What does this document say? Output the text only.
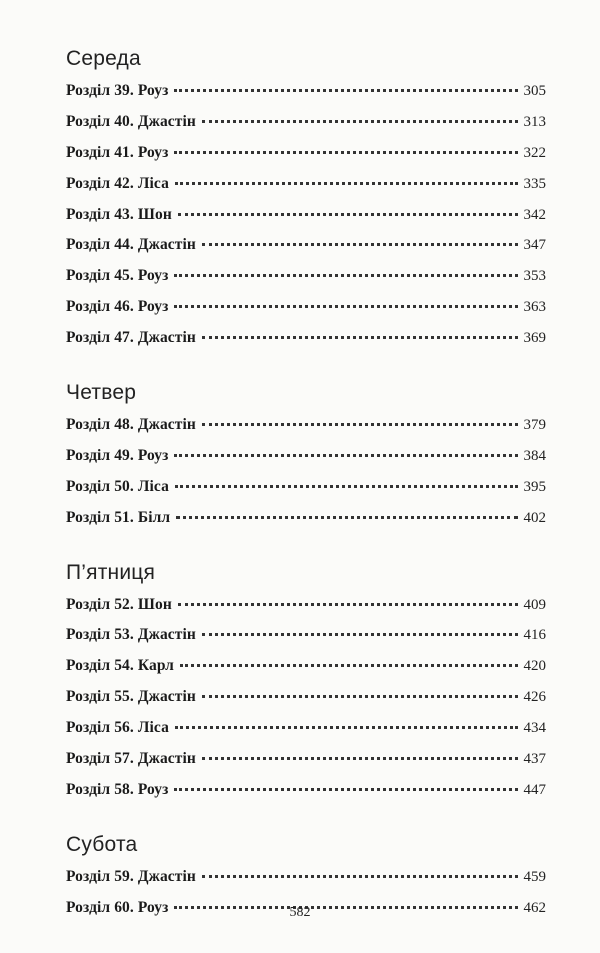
Середа
Розділ 39. Роуз	305
Розділ 40. Джастін	313
Розділ 41. Роуз	322
Розділ 42. Ліса	335
Розділ 43. Шон	342
Розділ 44. Джастін	347
Розділ 45. Роуз	353
Розділ 46. Роуз	363
Розділ 47. Джастін	369
Четвер
Розділ 48. Джастін	379
Розділ 49. Роуз	384
Розділ 50. Ліса	395
Розділ 51. Білл	402
П’ятниця
Розділ 52. Шон	409
Розділ 53. Джастін	416
Розділ 54. Карл	420
Розділ 55. Джастін	426
Розділ 56. Ліса	434
Розділ 57. Джастін	437
Розділ 58. Роуз	447
Субота
Розділ 59. Джастін	459
Розділ 60. Роуз	462
582
